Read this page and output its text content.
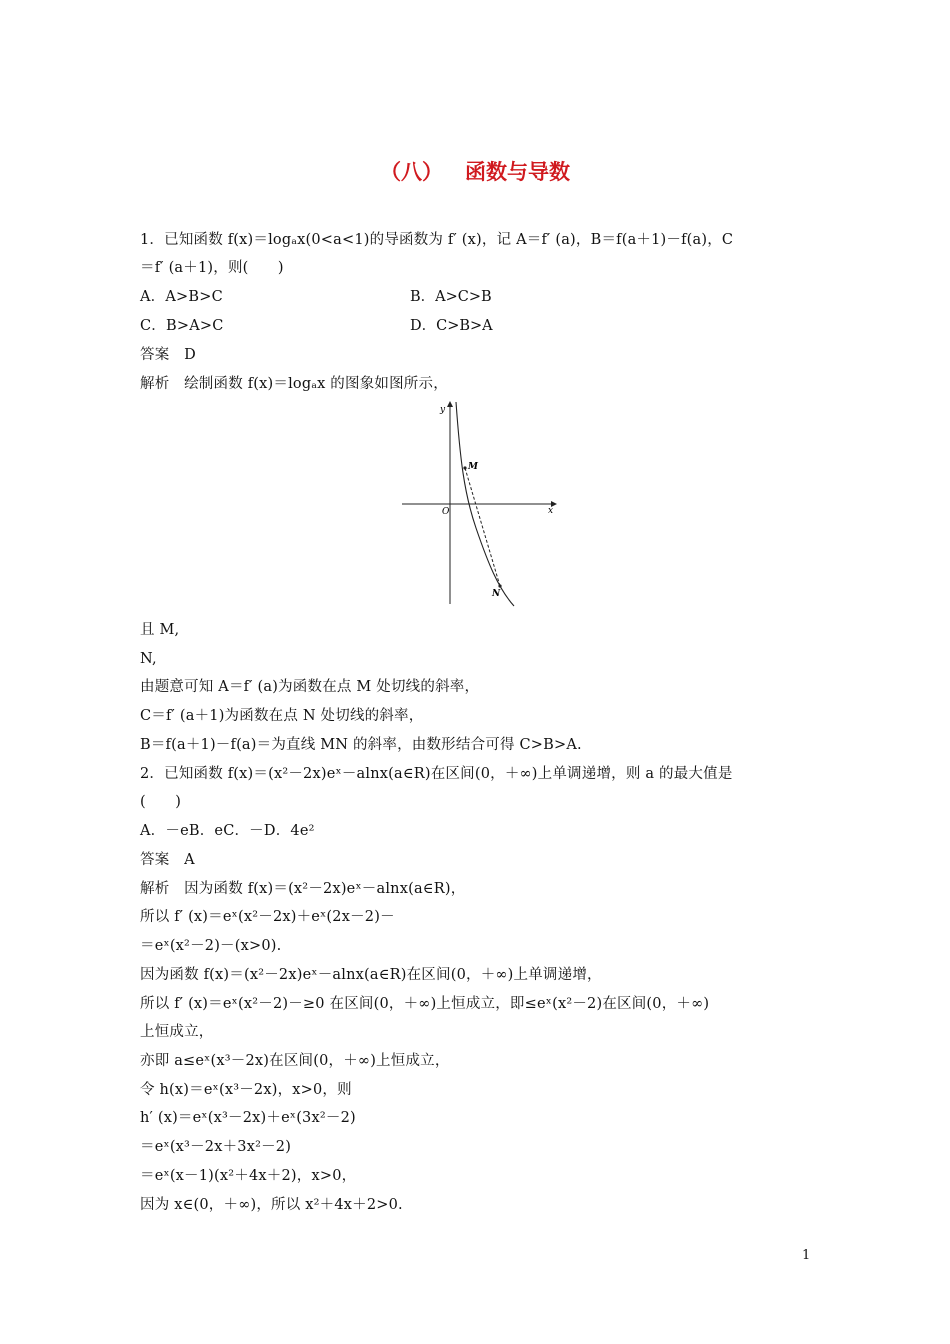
（八） 函数与导数
1．已知函数 f(x)＝logₐx(0<a<1)的导函数为 f′ (x)，记 A＝f′ (a)，B＝f(a＋1)－f(a)，C
＝f′ (a＋1)，则(　　)
A．A>B>C	B．A>C>B
C．B>A>C	D．C>B>A
答案　D
解析　绘制函数 f(x)＝logₐx 的图象如图所示，
y
x
O
M
N
且 M,
N,
由题意可知 A＝f′ (a)为函数在点 M 处切线的斜率，
C＝f′ (a＋1)为函数在点 N 处切线的斜率，
B＝f(a＋1)－f(a)＝为直线 MN 的斜率，由数形结合可得 C>B>A.
2．已知函数 f(x)＝(x²－2x)eˣ－alnx(a∈R)在区间(0，＋∞)上单调递增，则 a 的最大值是
(　　)
A．－eB．eC．－D．4e²
答案　A
解析　因为函数 f(x)＝(x²－2x)eˣ－alnx(a∈R)，
所以 f′ (x)＝eˣ(x²－2x)＋eˣ(2x－2)－
＝eˣ(x²－2)－(x>0).
因为函数 f(x)＝(x²－2x)eˣ－alnx(a∈R)在区间(0，＋∞)上单调递增，
所以 f′ (x)＝eˣ(x²－2)－≥0 在区间(0，＋∞)上恒成立，即≤eˣ(x²－2)在区间(0，＋∞)
上恒成立，
亦即 a≤eˣ(x³－2x)在区间(0，＋∞)上恒成立，
令 h(x)＝eˣ(x³－2x)，x>0，则
h′ (x)＝eˣ(x³－2x)＋eˣ(3x²－2)
＝eˣ(x³－2x＋3x²－2)
＝eˣ(x－1)(x²＋4x＋2)，x>0，
因为 x∈(0，＋∞)，所以 x²＋4x＋2>0.
1
